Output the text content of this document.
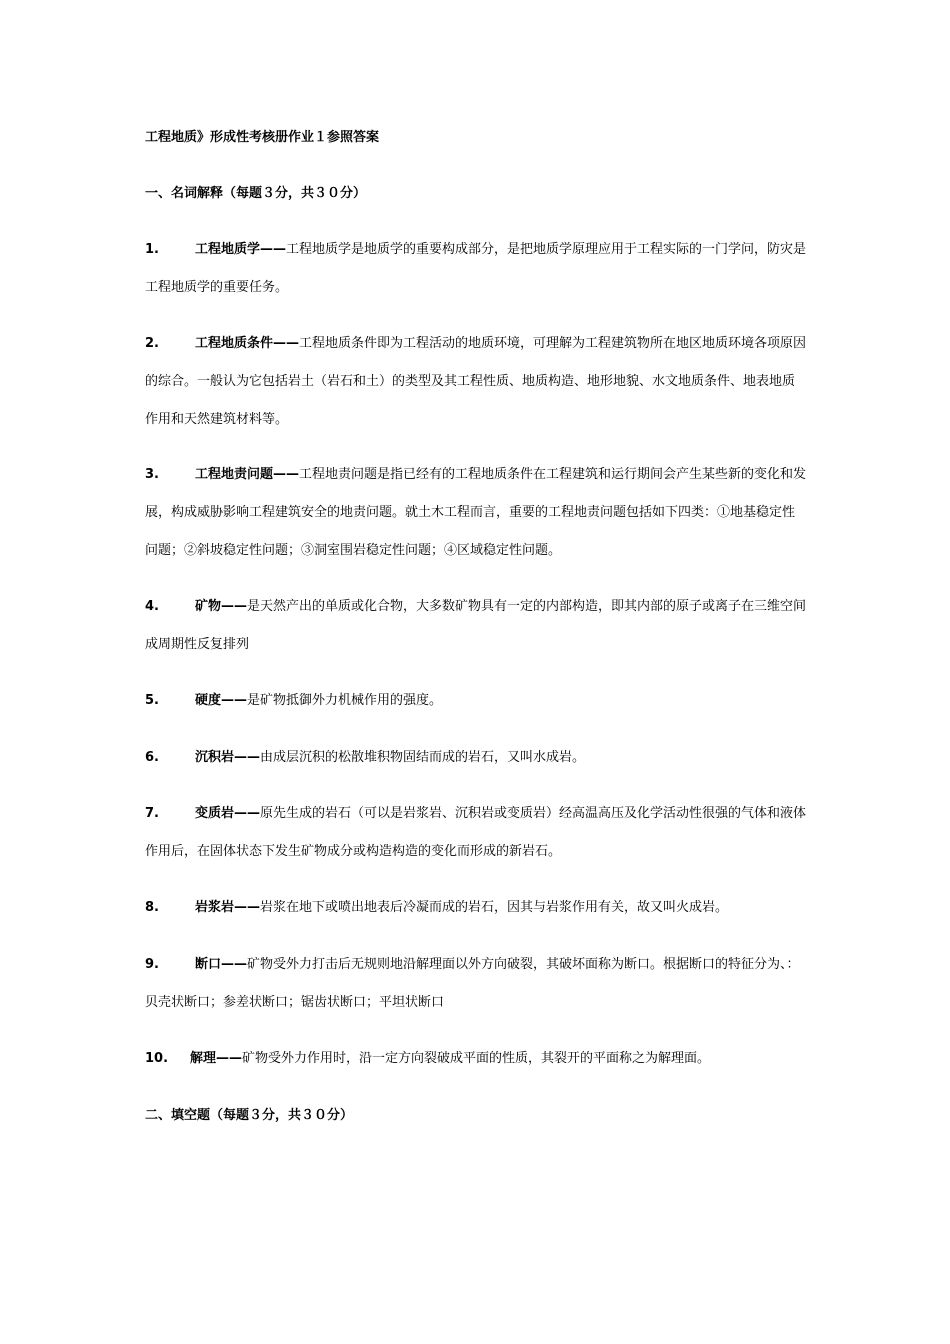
工程地质》形成性考核册作业１参照答案
一、名词解释（每题３分，共３０分）
1.	工程地质学——工程地质学是地质学的重要构成部分，是把地质学原理应用于工程实际的一门学问，防灾是工程地质学的重要任务。
2.	工程地质条件——工程地质条件即为工程活动的地质环境，可理解为工程建筑物所在地区地质环境各项原因的综合。一般认为它包括岩土（岩石和土）的类型及其工程性质、地质构造、地形地貌、水文地质条件、地表地质作用和天然建筑材料等。
3.	工程地责问题——工程地责问题是指已经有的工程地质条件在工程建筑和运行期间会产生某些新的变化和发展，构成威胁影响工程建筑安全的地责问题。就土木工程而言，重要的工程地责问题包括如下四类：①地基稳定性问题；②斜坡稳定性问题；③洞室围岩稳定性问题；④区域稳定性问题。
4.	矿物——是天然产出的单质或化合物，大多数矿物具有一定的内部构造，即其内部的原子或离子在三维空间成周期性反复排列
5.	硬度——是矿物抵御外力机械作用的强度。
6.	沉积岩——由成层沉积的松散堆积物固结而成的岩石，又叫水成岩。
7.	变质岩——原先生成的岩石（可以是岩浆岩、沉积岩或变质岩）经高温高压及化学活动性很强的气体和液体作用后，在固体状态下发生矿物成分或构造构造的变化而形成的新岩石。
8.	岩浆岩——岩浆在地下或喷出地表后冷凝而成的岩石，因其与岩浆作用有关，故又叫火成岩。
9.	断口——矿物受外力打击后无规则地沿解理面以外方向破裂，其破坏面称为断口。根据断口的特征分为、：贝壳状断口；参差状断口；锯齿状断口；平坦状断口
10. 解理——矿物受外力作用时，沿一定方向裂破成平面的性质，其裂开的平面称之为解理面。
二、填空题（每题３分，共３０分）
